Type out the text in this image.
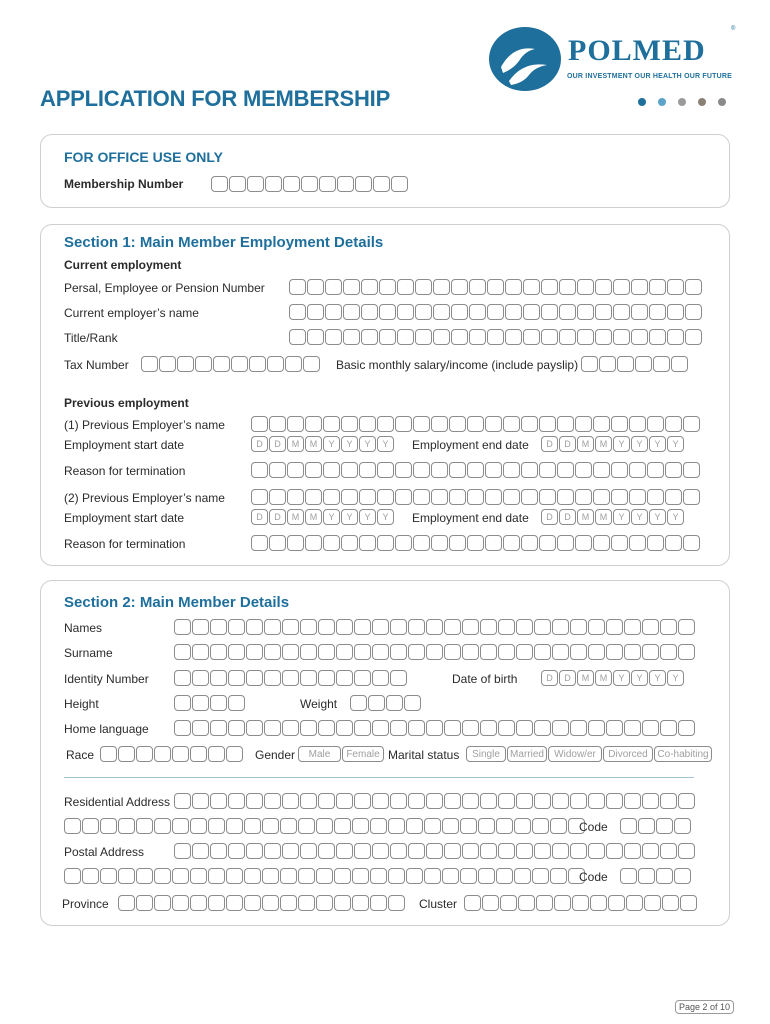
POLMED
®
OUR INVESTMENT OUR HEALTH OUR FUTURE
APPLICATION FOR MEMBERSHIP
FOR OFFICE USE ONLY
Membership Number
Section 1: Main Member Employment Details
Current employment
Persal, Employee or Pension Number
Current employer’s name
Title/Rank
Tax Number	Basic monthly salary/income (include payslip)
Previous employment
(1) Previous Employer’s name
Employment start date	D	D	M	M	Y	Y	Y	Y	Employment end date	D	D	M	M	Y	Y	Y	Y
Reason for termination
(2) Previous Employer’s name
Employment start date	D	D	M	M	Y	Y	Y	Y	Employment end date	D	D	M	M	Y	Y	Y	Y
Reason for termination
Section 2: Main Member Details
Names
Surname
Identity Number	Date of birth	D	D	M	M	Y	Y	Y	Y
Height	Weight
Home language
Race	Gender	Male	Female Marital status	Single	Married	Widow/er	Divorced Co-habiting
Residential Address
Code
Postal Address
Code
Province	Cluster
Page 2 of 10
